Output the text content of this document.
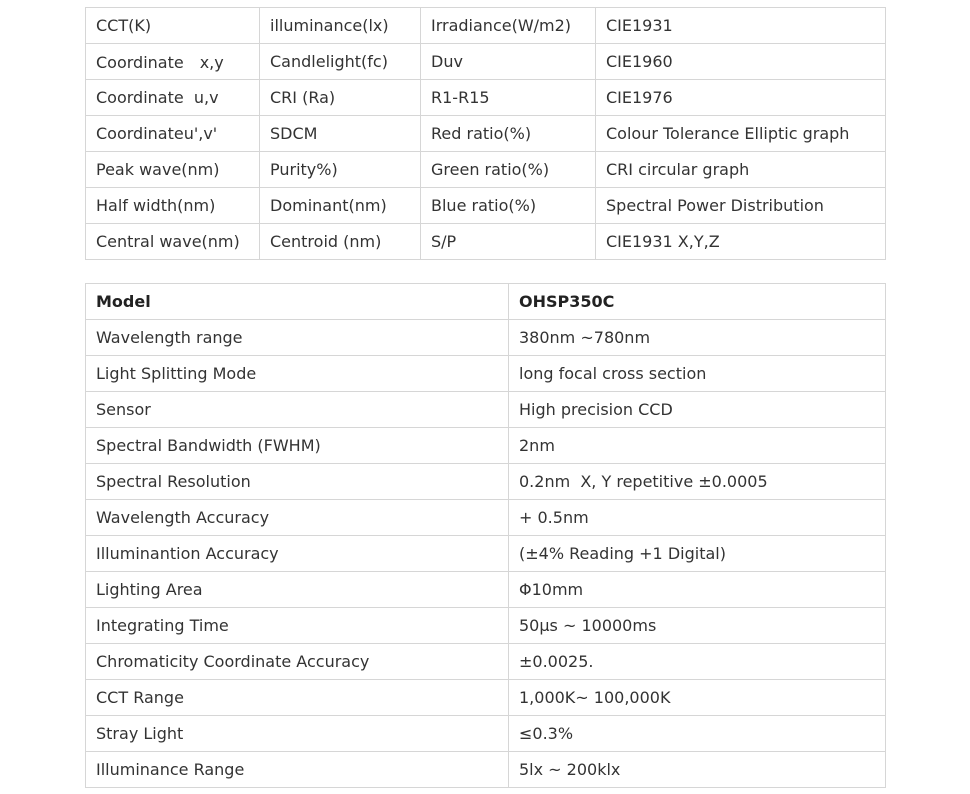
CCT(K)	illuminance(lx)	Irradiance(W/m2)	CIE1931
Coordinate　x,y	Candlelight(fc)	Duv	CIE1960
Coordinate  u,v	CRI (Ra)	R1-R15	CIE1976
Coordinateu',v'	SDCM	Red ratio(%)	Colour Tolerance Elliptic graph
Peak wave(nm)	Purity%)	Green ratio(%)	CRI circular graph
Half width(nm)	Dominant(nm)	Blue ratio(%)	Spectral Power Distribution
Central wave(nm)	Centroid (nm)	S/P	CIE1931 X,Y,Z
Model	OHSP350C
Wavelength range	380nm ~780nm
Light Splitting Mode	long focal cross section
Sensor	High precision CCD
Spectral Bandwidth (FWHM)	2nm
Spectral Resolution	0.2nm  X, Y repetitive ±0.0005
Wavelength Accuracy	+ 0.5nm
Illuminantion Accuracy	(±4% Reading +1 Digital)
Lighting Area	Φ10mm
Integrating Time	50μs ~ 10000ms
Chromaticity Coordinate Accuracy	±0.0025.
CCT Range	1,000K~ 100,000K
Stray Light	≤0.3%
Illuminance Range	5lx ~ 200klx
